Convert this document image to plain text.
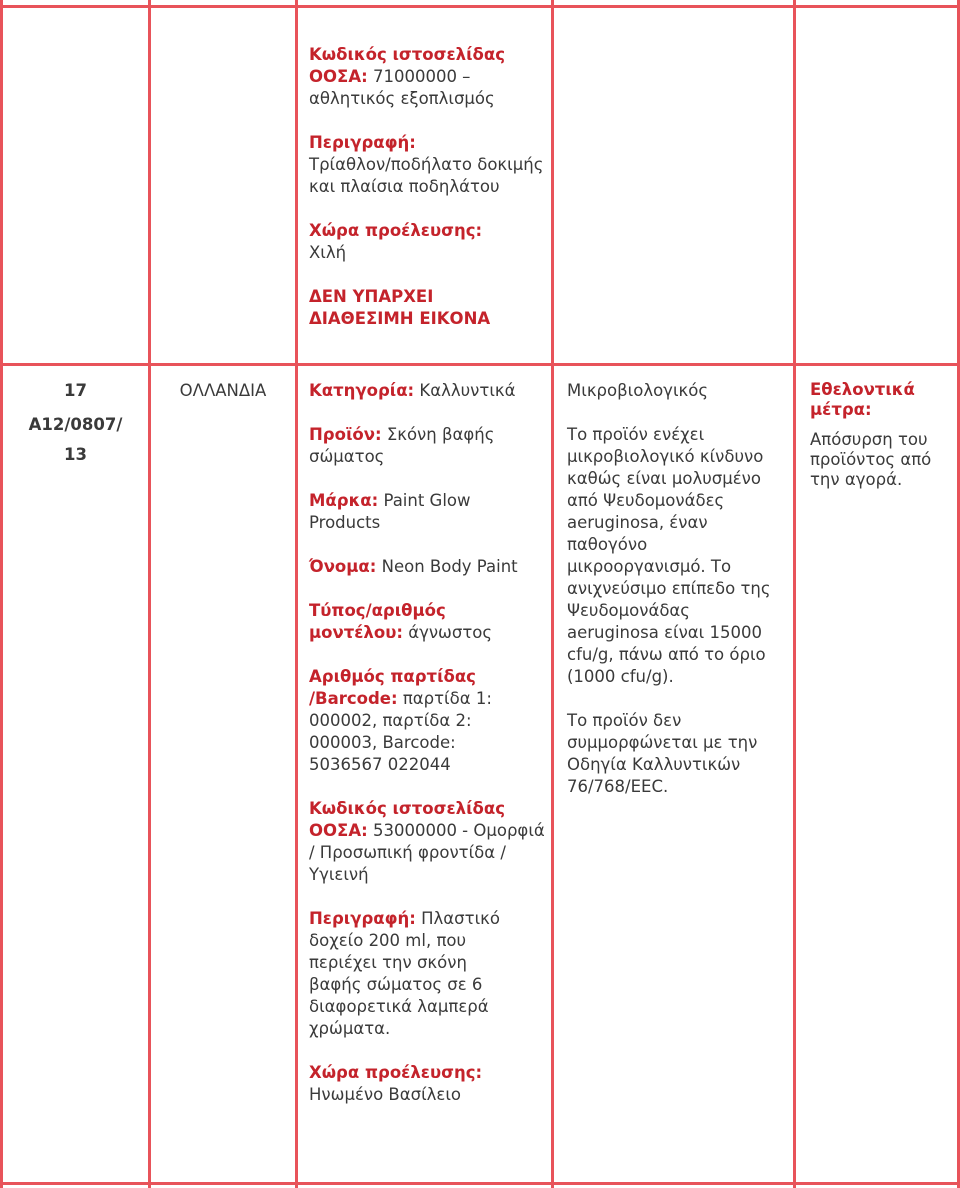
Κωδικός ιστοσελίδας ΟΟΣΑ: 71000000 – αθλητικός εξοπλισμός
Περιγραφή:
Τρίαθλον/ποδήλατο δοκιμής και πλαίσια ποδηλάτου
Χώρα προέλευσης:
Χιλή
ΔΕΝ ΥΠΑΡΧΕΙ ΔΙΑΘΕΣΙΜΗ ΕΙΚΟΝΑ
17
A12/0807/ 13
ΟΛΛΑΝΔΙΑ	Κατηγορία: Καλλυντικά
Προϊόν: Σκόνη βαφής σώματος
Μάρκα: Paint Glow Products
Όνομα: Neon Body Paint
Τύπος/αριθμός μοντέλου: άγνωστος
Αριθμός παρτίδας /Barcode: παρτίδα 1: 000002, παρτίδα 2: 000003, Barcode: 5036567 022044
Κωδικός ιστοσελίδας ΟΟΣΑ: 53000000 - Ομορφιά / Προσωπική φροντίδα / Υγιεινή
Περιγραφή: Πλαστικό δοχείο 200 ml, που περιέχει την σκόνη βαφής σώματος σε 6 διαφορετικά λαμπερά χρώματα.
Χώρα προέλευσης:
Ηνωμένο Βασίλειο
Μικροβιολογικός
Το προϊόν ενέχει μικροβιολογικό κίνδυνο καθώς είναι μολυσμένο από Ψευδομονάδες aeruginosa, έναν παθογόνο μικροοργανισμό. Το ανιχνεύσιμο επίπεδο της Ψευδομονάδας aeruginosa είναι 15000 cfu/g, πάνω από το όριο (1000 cfu/g).
Το προϊόν δεν συμμορφώνεται με την Οδηγία Καλλυντικών 76/768/EEC.
Εθελοντικά μέτρα:
Απόσυρση του προϊόντος από την αγορά.
